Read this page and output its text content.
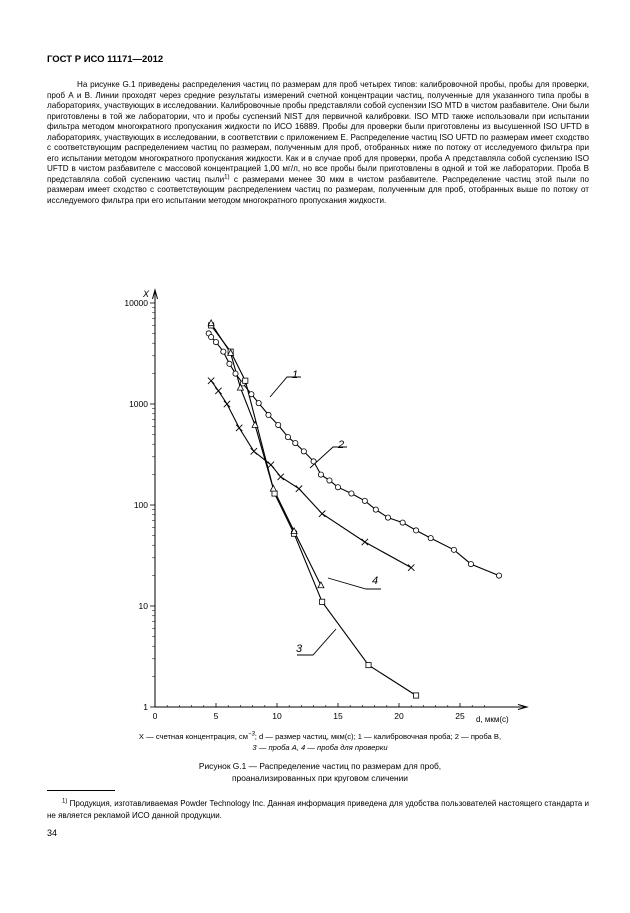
ГОСТ Р ИСО 11171—2012

На рисунке G.1 приведены распределения частиц по размерам для проб четырех типов: калибровочной пробы, пробы для проверки, проб А и В. Линии проходят через средние результаты измерений счетной концентрации частиц, полученные для указанного типа пробы в лабораториях, участвующих в исследовании. Калибровочные пробы представляли собой суспензии ISO MTD в чистом разбавителе. Они были приготовлены в той же лаборатории, что и пробы суспензий NIST для первичной калибровки. ISO MTD также использовали при испытании фильтра методом многократного пропускания жидкости по ИСО 16889. Пробы для проверки были приготовлены из высушенной ISO UFTD в лабораториях, участвующих в исследовании, в соответствии с приложением Е. Распределение частиц ISO UFTD по размерам имеет сходство с соответствующим распределением частиц по размерам, полученным для проб, отобранных ниже по потоку от исследуемого фильтра при его испытании методом многократного пропускания жидкости. Как и в случае проб для проверки, проба А представляла собой суспензию ISO UFTD в чистом разбавителе с массовой концентрацией 1,00 мг/л, но все пробы были приготовлены в одной и той же лаборатории. Проба В представляла собой суспензию частиц пыли$^{1)}$ с размерами менее 30 мкм в чистом разбавителе. Распределение частиц этой пыли по размерам имеет сходство с соответствующим распределением частиц по размерам, полученным для проб, отобранных выше по потоку от исследуемого фильтра при его испытании методом многократного пропускания жидкости.

0	5	10	15	20	25
10000
1000
100
10
1
1
2
3
4
X
d, мкм(с)
X — счетная концентрация, $см^{-3}$; d — размер частиц, мкм(с); 1 — калибровочная проба; 2 — проба В,
3 — проба А, 4 — проба для проверки
Рисунок G.1 — Распределение частиц по размерам для проб,
проанализированных при круговом сличении

$^{1)}$ Продукция, изготавливаемая Powder Technology Inc. Данная информация приведена для удобства пользователей настоящего стандарта и не является рекламой ИСО данной продукции.

34
